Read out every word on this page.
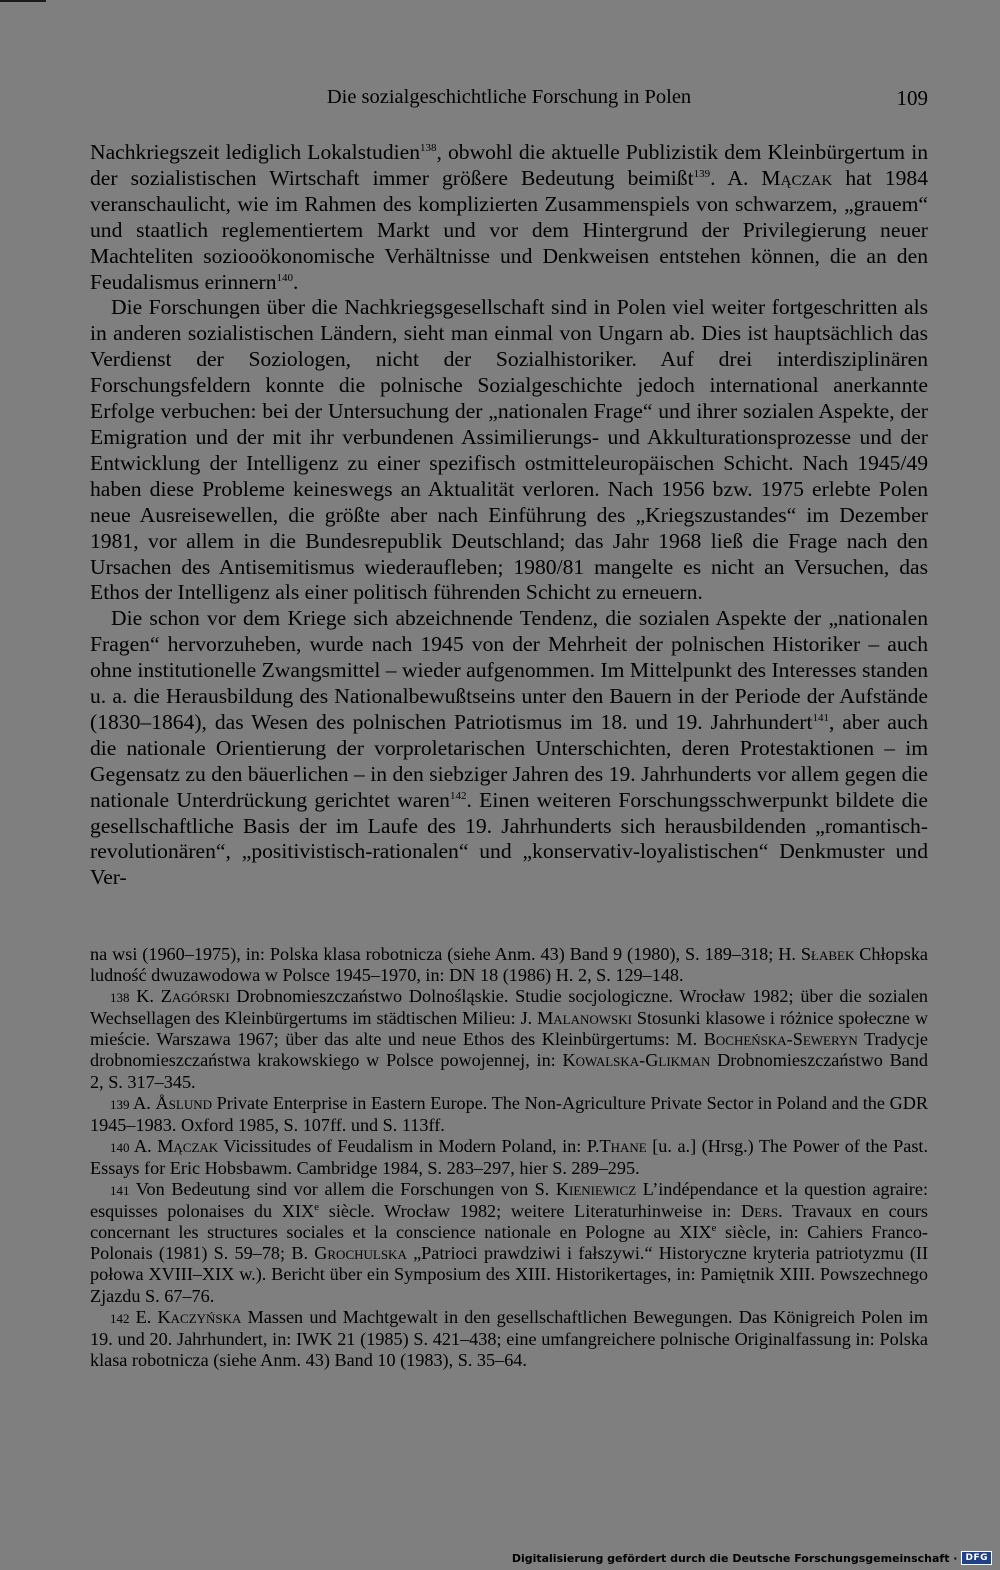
Die sozialgeschichtliche Forschung in Polen	109

Nachkriegszeit lediglich Lokalstudien$^{138}$, obwohl die aktuelle Publizistik dem Kleinbürgertum in der sozialistischen Wirtschaft immer größere Bedeutung beimißt$^{139}$. A. Mączak hat 1984 veranschaulicht, wie im Rahmen des komplizierten Zusammenspiels von schwarzem, „grauem“ und staatlich reglementiertem Markt und vor dem Hintergrund der Privilegierung neuer Machteliten soziooökonomische Verhältnisse und Denkweisen entstehen können, die an den Feudalismus erinnern$^{140}$.

Die Forschungen über die Nachkriegsgesellschaft sind in Polen viel weiter fortgeschritten als in anderen sozialistischen Ländern, sieht man einmal von Ungarn ab. Dies ist hauptsächlich das Verdienst der Soziologen, nicht der Sozialhistoriker. Auf drei interdisziplinären Forschungsfeldern konnte die polnische Sozialgeschichte jedoch international anerkannte Erfolge verbuchen: bei der Untersuchung der „nationalen Frage“ und ihrer sozialen Aspekte, der Emigration und der mit ihr verbundenen Assimilierungs- und Akkulturationsprozesse und der Entwicklung der Intelligenz zu einer spezifisch ostmitteleuropäischen Schicht. Nach 1945/49 haben diese Probleme keineswegs an Aktualität verloren. Nach 1956 bzw. 1975 erlebte Polen neue Ausreisewellen, die größte aber nach Einführung des „Kriegszustandes“ im Dezember 1981, vor allem in die Bundesrepublik Deutschland; das Jahr 1968 ließ die Frage nach den Ursachen des Antisemitismus wiederaufleben; 1980/81 mangelte es nicht an Versuchen, das Ethos der Intelligenz als einer politisch führenden Schicht zu erneuern.

Die schon vor dem Kriege sich abzeichnende Tendenz, die sozialen Aspekte der „nationalen Fragen“ hervorzuheben, wurde nach 1945 von der Mehrheit der polnischen Historiker – auch ohne institutionelle Zwangsmittel – wieder aufgenommen. Im Mittelpunkt des Interesses standen u. a. die Herausbildung des Nationalbewußtseins unter den Bauern in der Periode der Aufstände (1830–1864), das Wesen des polnischen Patriotismus im 18. und 19. Jahrhundert$^{141}$, aber auch die nationale Orientierung der vorproletarischen Unterschichten, deren Protestaktionen – im Gegensatz zu den bäuerlichen – in den siebziger Jahren des 19. Jahrhunderts vor allem gegen die nationale Unterdrückung gerichtet waren$^{142}$. Einen weiteren Forschungsschwerpunkt bildete die gesellschaftliche Basis der im Laufe des 19. Jahrhunderts sich herausbildenden „romantisch-revolutionären“, „positivistisch-rationalen“ und „konservativ-loyalistischen“ Denkmuster und Ver-

na wsi (1960–1975), in: Polska klasa robotnicza (siehe Anm. 43) Band 9 (1980), S. 189–318; H. Słabek Chłopska ludność dwuzawodowa w Polsce 1945–1970, in: DN 18 (1986) H. 2, S. 129–148.

138 K. Zagórski Drobnomieszczaństwo Dolnośląskie. Studie socjologiczne. Wrocław 1982; über die sozialen Wechsellagen des Kleinbürgertums im städtischen Milieu: J. Malanowski Stosunki klasowe i różnice społeczne w mieście. Warszawa 1967; über das alte und neue Ethos des Kleinbürgertums: M. Bocheńska-Seweryn Tradycje drobnomieszczaństwa krakowskiego w Polsce powojennej, in: Kowalska-Glikman Drobnomieszczaństwo Band 2, S. 317–345.

139 A. Åslund Private Enterprise in Eastern Europe. The Non-Agriculture Private Sector in Poland and the GDR 1945–1983. Oxford 1985, S. 107ff. und S. 113ff.

140 A. Mączak Vicissitudes of Feudalism in Modern Poland, in: P.Thane [u. a.] (Hrsg.) The Power of the Past. Essays for Eric Hobsbawm. Cambridge 1984, S. 283–297, hier S. 289–295.

141 Von Bedeutung sind vor allem die Forschungen von S. Kieniewicz L’indépendance et la question agraire: esquisses polonaises du XIXe siècle. Wrocław 1982; weitere Literaturhinweise in: Ders. Travaux en cours concernant les structures sociales et la conscience nationale en Pologne au XIXe siècle, in: Cahiers Franco-Polonais (1981) S. 59–78; B. Grochulska „Patrioci prawdziwi i fałszywi.“ Historyczne kryteria patriotyzmu (II połowa XVIII–XIX w.). Bericht über ein Symposium des XIII. Historikertages, in: Pamiętnik XIII. Powszechnego Zjazdu S. 67–76.

142 E. Kaczyńska Massen und Machtgewalt in den gesellschaftlichen Bewegungen. Das Königreich Polen im 19. und 20. Jahrhundert, in: IWK 21 (1985) S. 421–438; eine umfangreichere polnische Originalfassung in: Polska klasa robotnicza (siehe Anm. 43) Band 10 (1983), S. 35–64.

Digitalisierung gefördert durch die Deutsche Forschungsgemeinschaft · DFG
